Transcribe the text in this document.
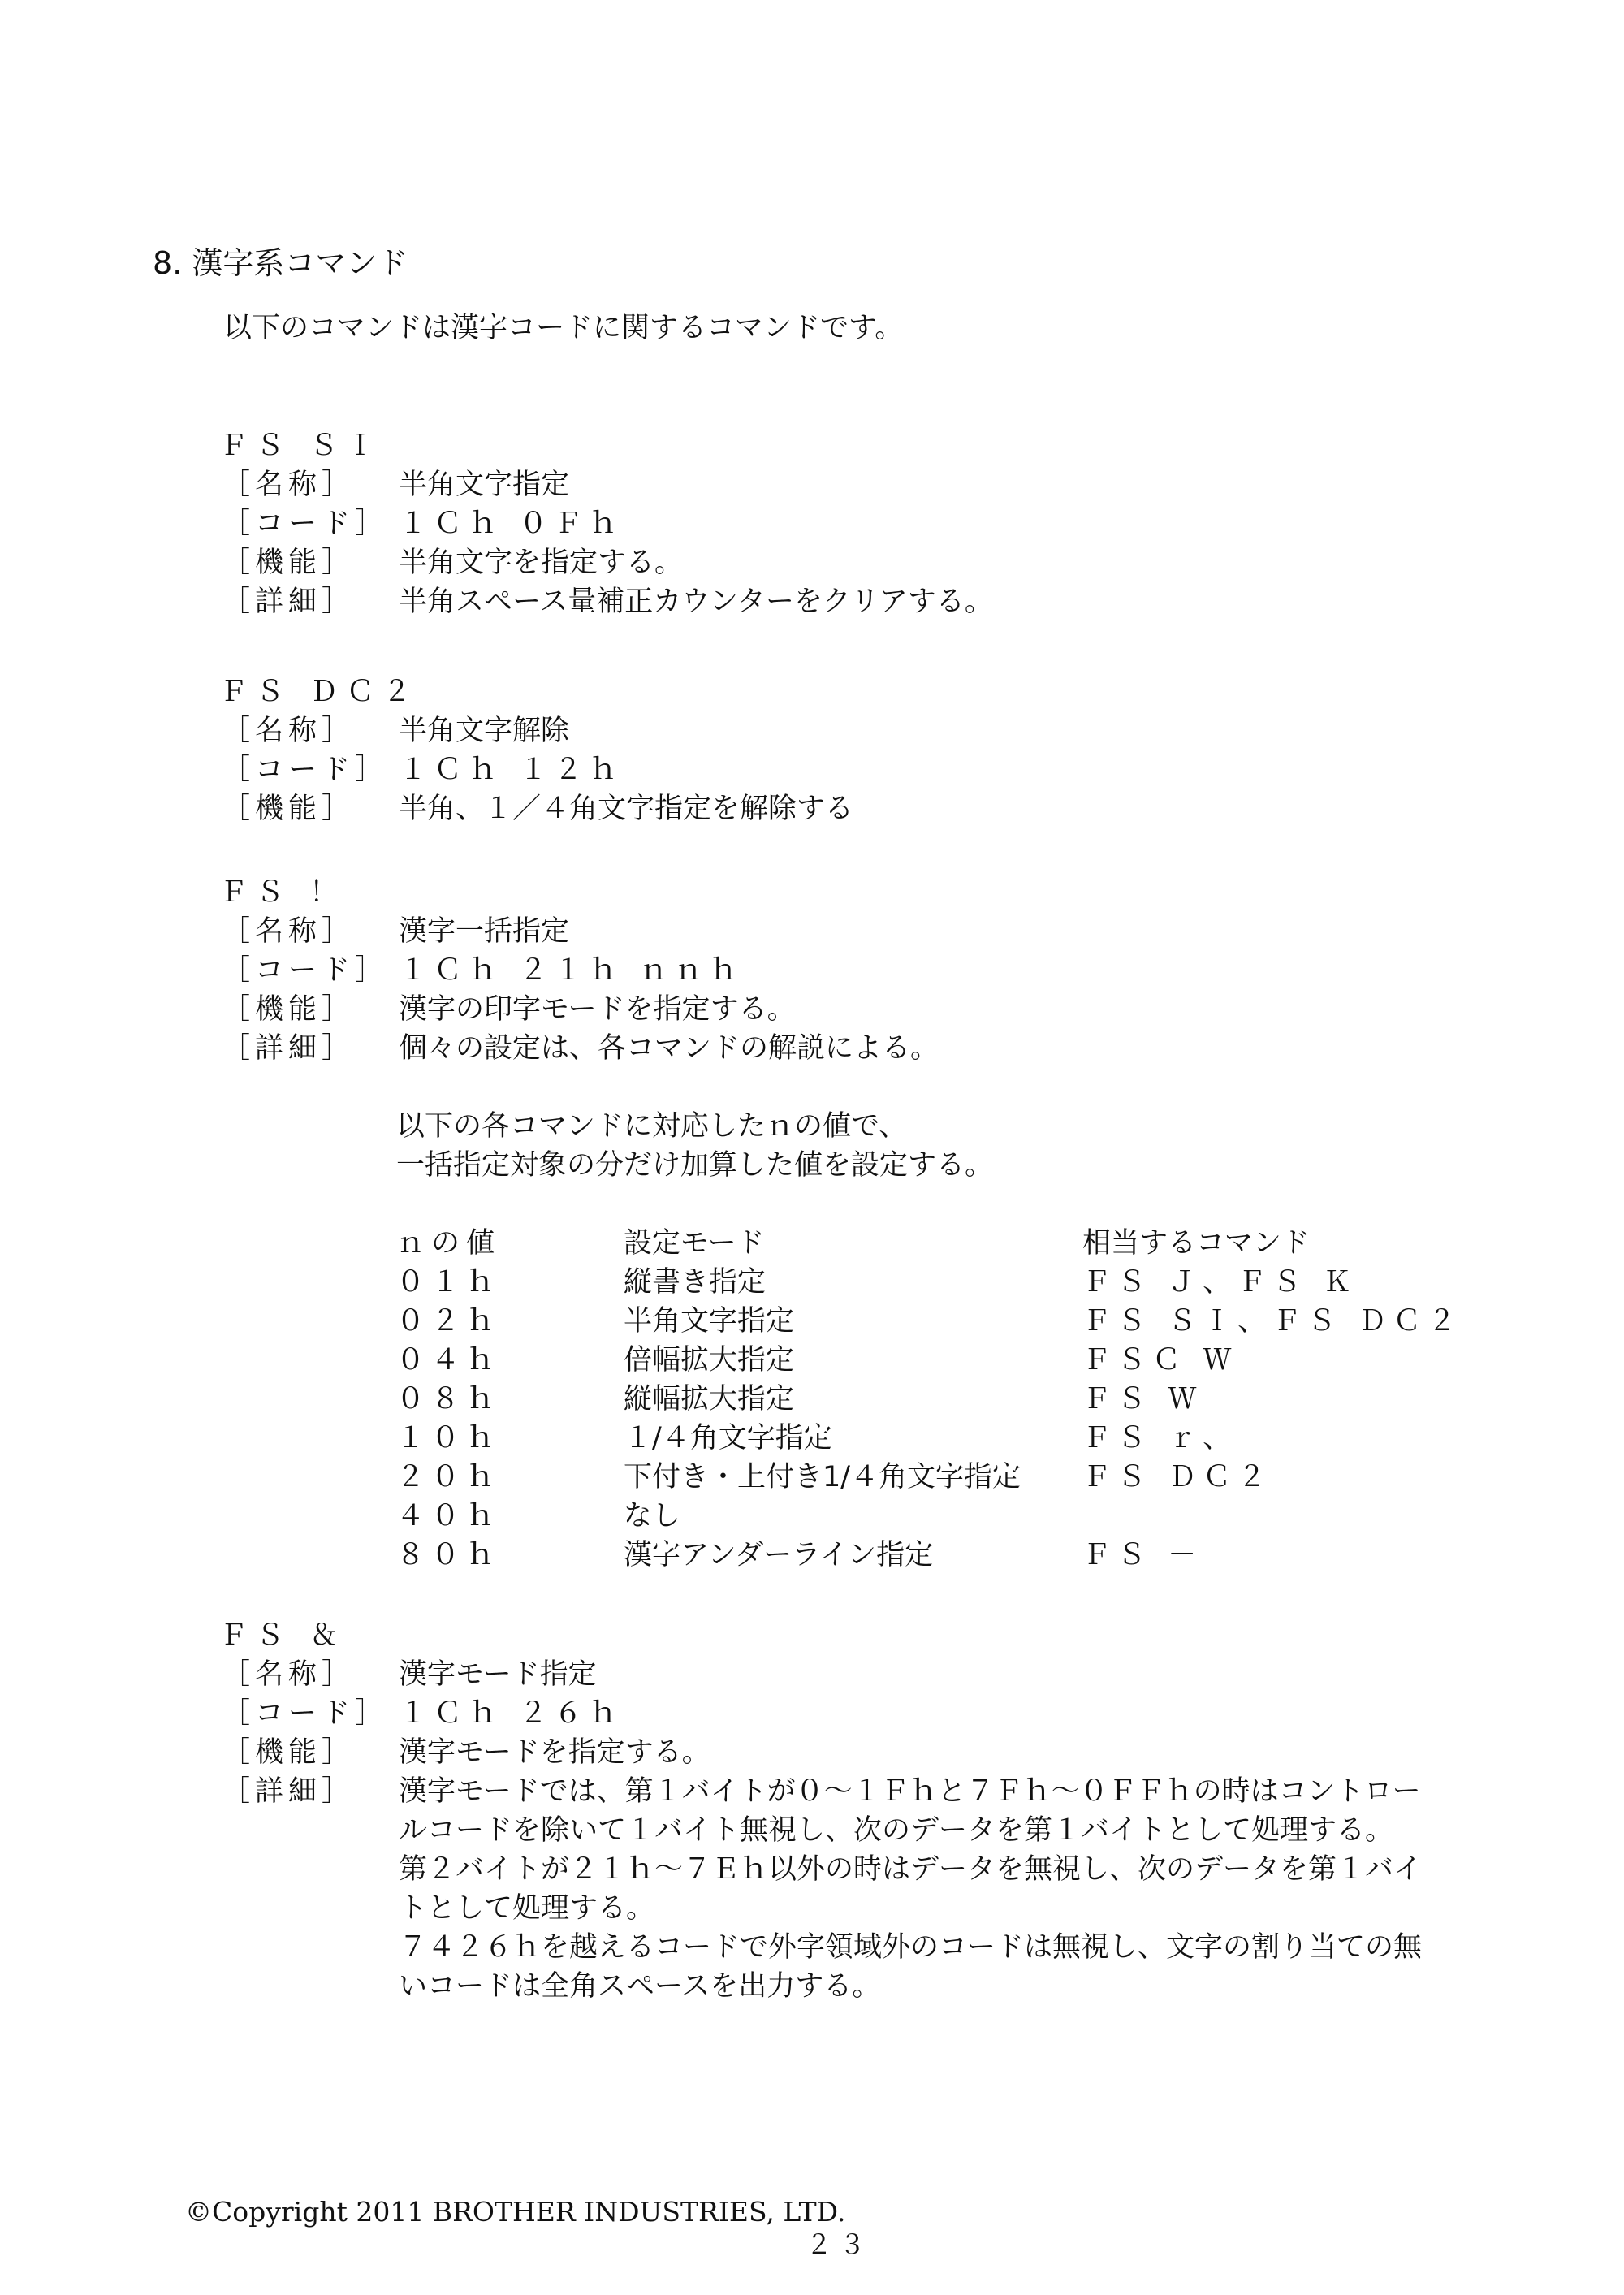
8. 漢字系コマンド
以下のコマンドは漢字コードに関するコマンドです。
ＦＳ ＳＩ
［名称］	半角文字指定
［コード］ １Ｃｈ ０Ｆｈ
［機能］	半角文字を指定する。
［詳細］	半角スペース量補正カウンターをクリアする。
ＦＳ ＤＣ２
［名称］	半角文字解除
［コード］ １Ｃｈ １２ｈ
［機能］	半角、１／４角文字指定を解除する
ＦＳ ！
［名称］	漢字一括指定
［コード］ １Ｃｈ ２１ｈ ｎｎｈ
［機能］	漢字の印字モードを指定する。
［詳細］	個々の設定は、各コマンドの解説による。
以下の各コマンドに対応したｎの値で、
一括指定対象の分だけ加算した値を設定する。
ｎの値	設定モード	相当するコマンド
０１ｈ	縦書き指定	ＦＳ Ｊ、ＦＳ Ｋ
０２ｈ	半角文字指定	ＦＳ ＳＩ、ＦＳ ＤＣ２
０４ｈ	倍幅拡大指定	ＦＳＣ Ｗ
０８ｈ	縦幅拡大指定	ＦＳ Ｗ
１０ｈ	１/４角文字指定	ＦＳ ｒ、
２０ｈ	下付き・上付き1/４角文字指定	ＦＳ ＤＣ２
４０ｈ	なし
８０ｈ	漢字アンダーライン指定	ＦＳ －
ＦＳ ＆
［名称］	漢字モード指定
［コード］ １Ｃｈ ２６ｈ
［機能］	漢字モードを指定する。
［詳細］	漢字モードでは、第１バイトが０～１Ｆｈと７Ｆｈ～０ＦＦｈの時はコントロー
ルコードを除いて１バイト無視し、次のデータを第１バイトとして処理する。
第２バイトが２１ｈ～７Ｅｈ以外の時はデータを無視し、次のデータを第１バイ
トとして処理する。
７４２６ｈを越えるコードで外字領域外のコードは無視し、文字の割り当ての無
いコードは全角スペースを出力する。
©Copyright 2011 BROTHER INDUSTRIES, LTD.
２３
